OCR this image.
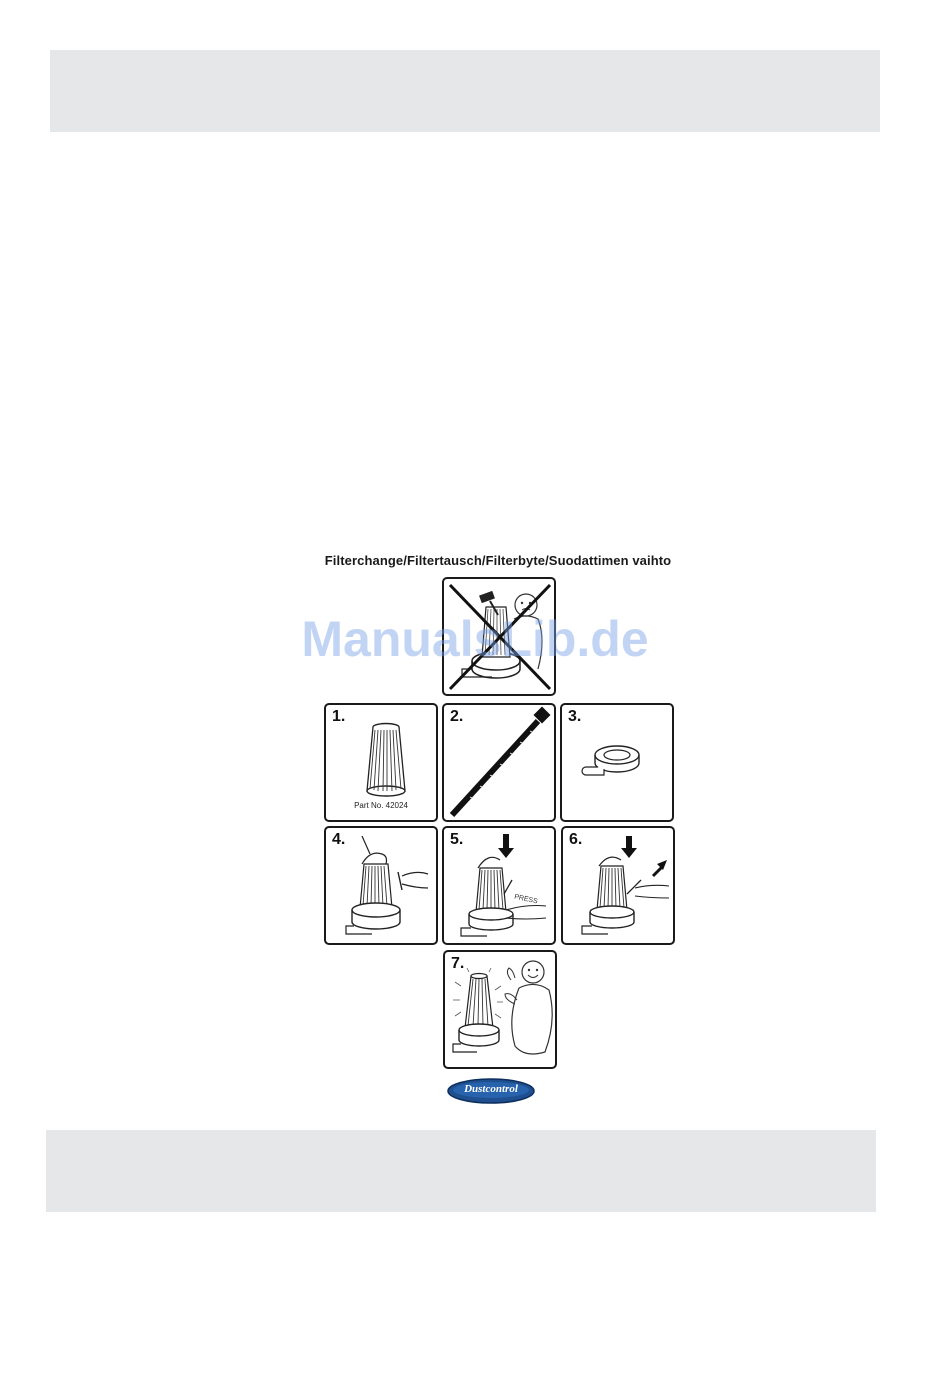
Filterchange/Filtertausch/Filterbyte/Suodattimen vaihto
ManualsLib.de
1.
Part No. 42024
2.	3.
4.	5.
PRESS
6.
7.
Dustcontrol
